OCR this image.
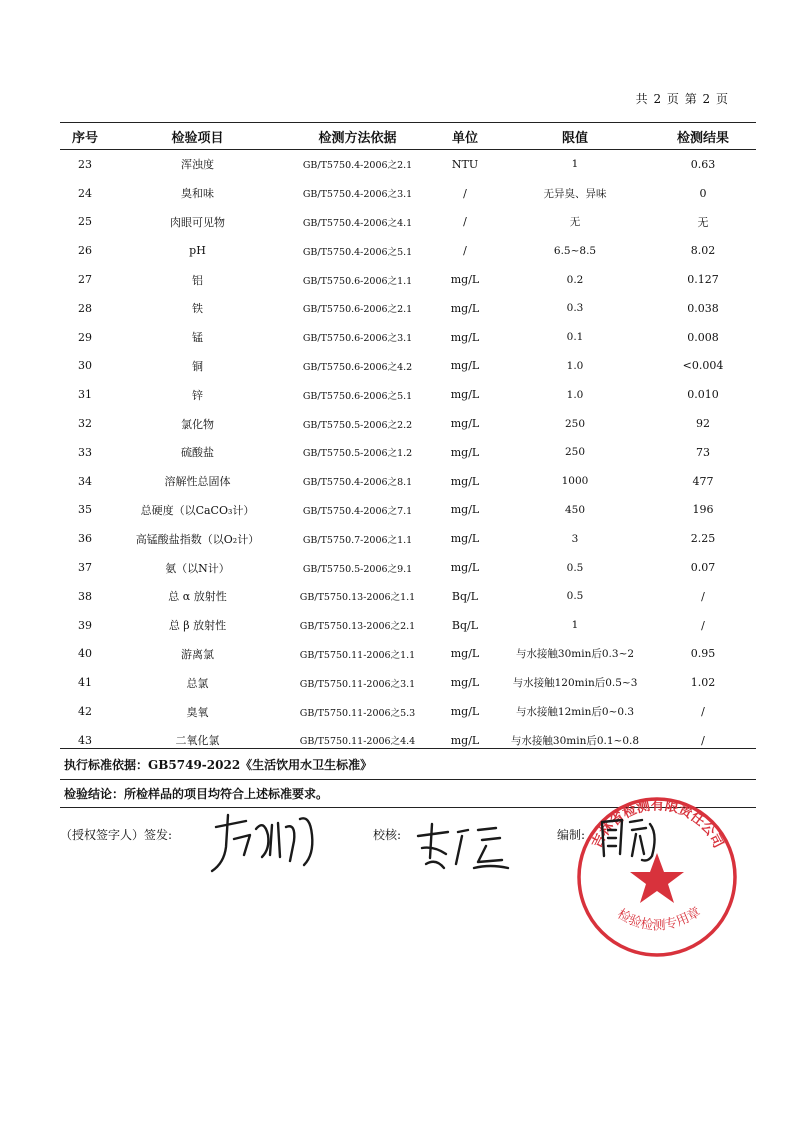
共 2 页 第 2 页
序号	检验项目	检测方法依据	单位	限值	检测结果
23	浑浊度	GB/T5750.4-2006之2.1	NTU	1	0.63
24	臭和味	GB/T5750.4-2006之3.1	/	无异臭、异味	0
25	肉眼可见物	GB/T5750.4-2006之4.1	/	无	无
26	pH	GB/T5750.4-2006之5.1	/	6.5~8.5	8.02
27	铝	GB/T5750.6-2006之1.1	mg/L	0.2	0.127
28	铁	GB/T5750.6-2006之2.1	mg/L	0.3	0.038
29	锰	GB/T5750.6-2006之3.1	mg/L	0.1	0.008
30	铜	GB/T5750.6-2006之4.2	mg/L	1.0	<0.004
31	锌	GB/T5750.6-2006之5.1	mg/L	1.0	0.010
32	氯化物	GB/T5750.5-2006之2.2	mg/L	250	92
33	硫酸盐	GB/T5750.5-2006之1.2	mg/L	250	73
34	溶解性总固体	GB/T5750.4-2006之8.1	mg/L	1000	477
35	总硬度（以CaCO₃计）	GB/T5750.4-2006之7.1	mg/L	450	196
36	高锰酸盐指数（以O₂计）	GB/T5750.7-2006之1.1	mg/L	3	2.25
37	氨（以N计）	GB/T5750.5-2006之9.1	mg/L	0.5	0.07
38	总 α 放射性	GB/T5750.13-2006之1.1	Bq/L	0.5	/
39	总 β 放射性	GB/T5750.13-2006之2.1	Bq/L	1	/
40	游离氯	GB/T5750.11-2006之1.1	mg/L	与水接触30min后0.3~2	0.95
41	总氯	GB/T5750.11-2006之3.1	mg/L	与水接触120min后0.5~3	1.02
42	臭氧	GB/T5750.11-2006之5.3	mg/L	与水接触12min后0~0.3	/
43	二氧化氯	GB/T5750.11-2006之4.4	mg/L	与水接触30min后0.1~0.8	/
执行标准依据：GB5749-2022《生活饮用水卫生标准》
检验结论：所检样品的项目均符合上述标准要求。
（授权签字人）签发:	校核:	编制: 吉林省检测有限责任公司
检验检测专用章
